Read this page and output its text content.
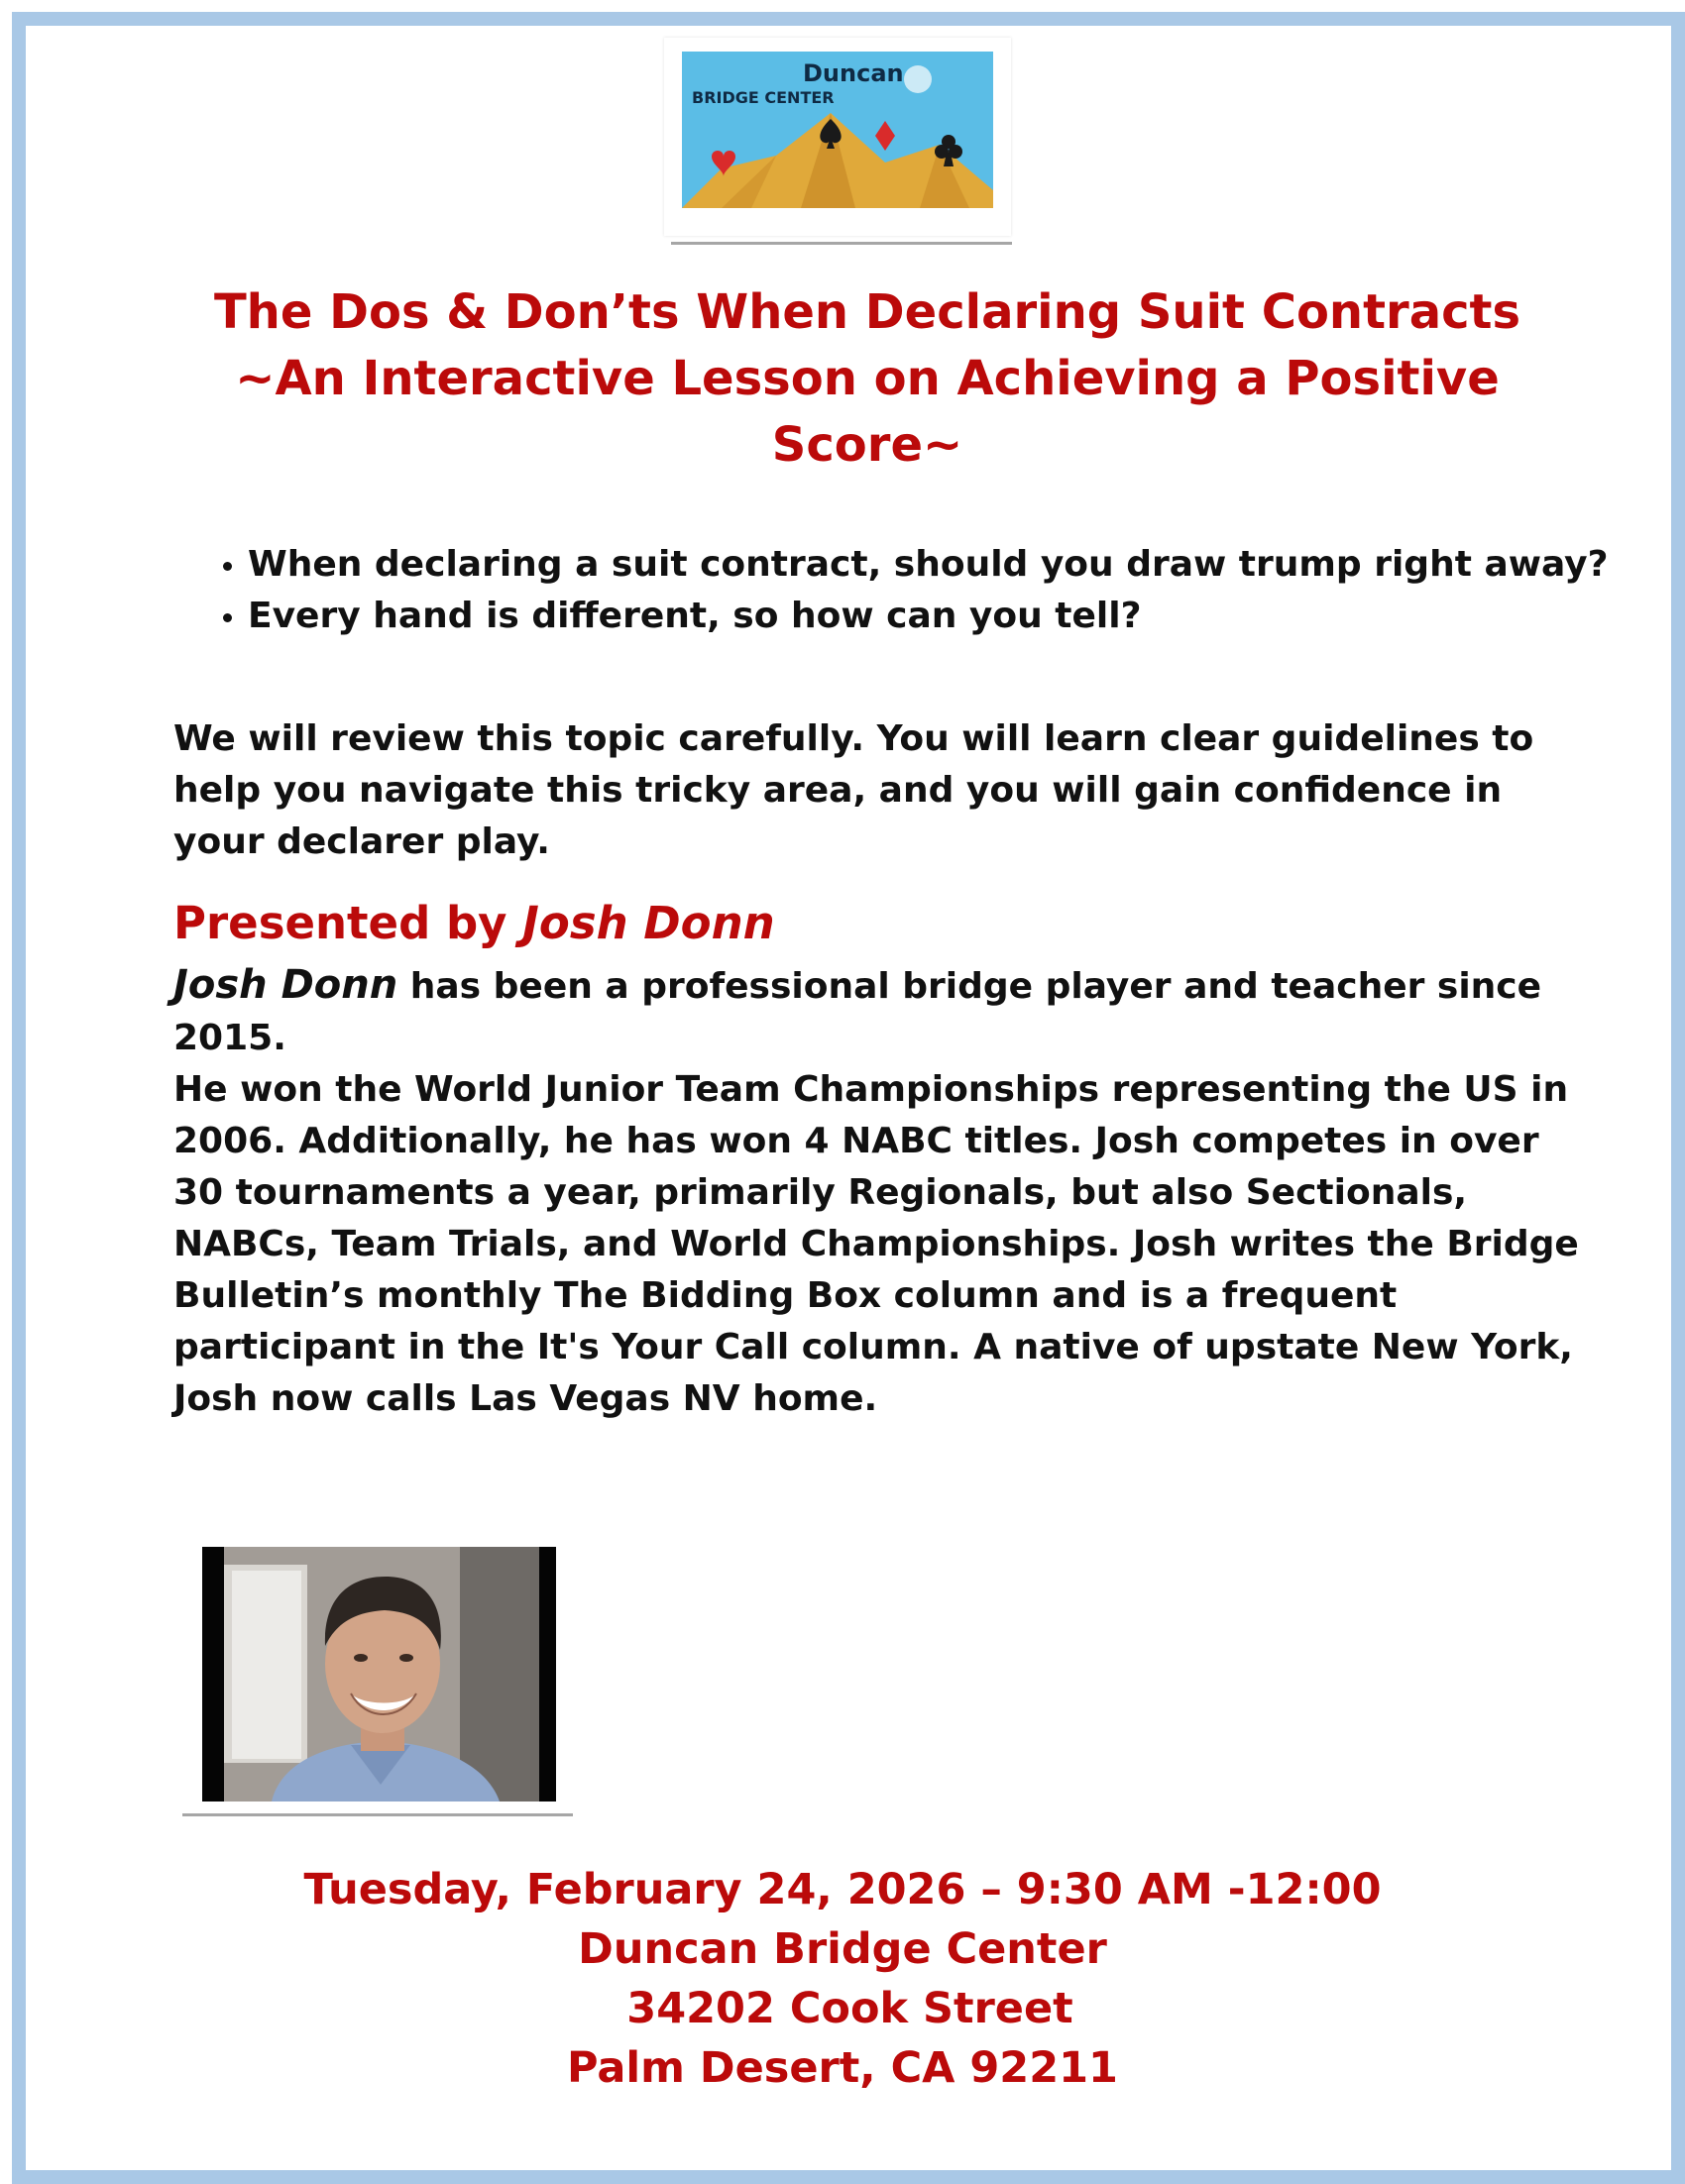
Duncan
BRIDGE CENTER
The Dos & Don’ts When Declaring Suit Contracts
~An Interactive Lesson on Achieving a Positive Score~
• When declaring a suit contract, should you draw trump right away?
• Every hand is different, so how can you tell?

We will review this topic carefully. You will learn clear guidelines to help you navigate this tricky area, and you will gain confidence in your declarer play.

Presented by Josh Donn

Josh Donn has been a professional bridge player and teacher since 2015.

He won the World Junior Team Championships representing the US in 2006. Additionally, he has won 4 NABC titles. Josh competes in over 30 tournaments a year, primarily Regionals, but also Sectionals, NABCs, Team Trials, and World Championships. Josh writes the Bridge Bulletin’s monthly The Bidding Box column and is a frequent participant in the It's Your Call column. A native of upstate New York, Josh now calls Las Vegas NV home.

Tuesday, February 24, 2026 – 9:30 AM -12:00
Duncan Bridge Center
34202 Cook Street
Palm Desert, CA 92211
